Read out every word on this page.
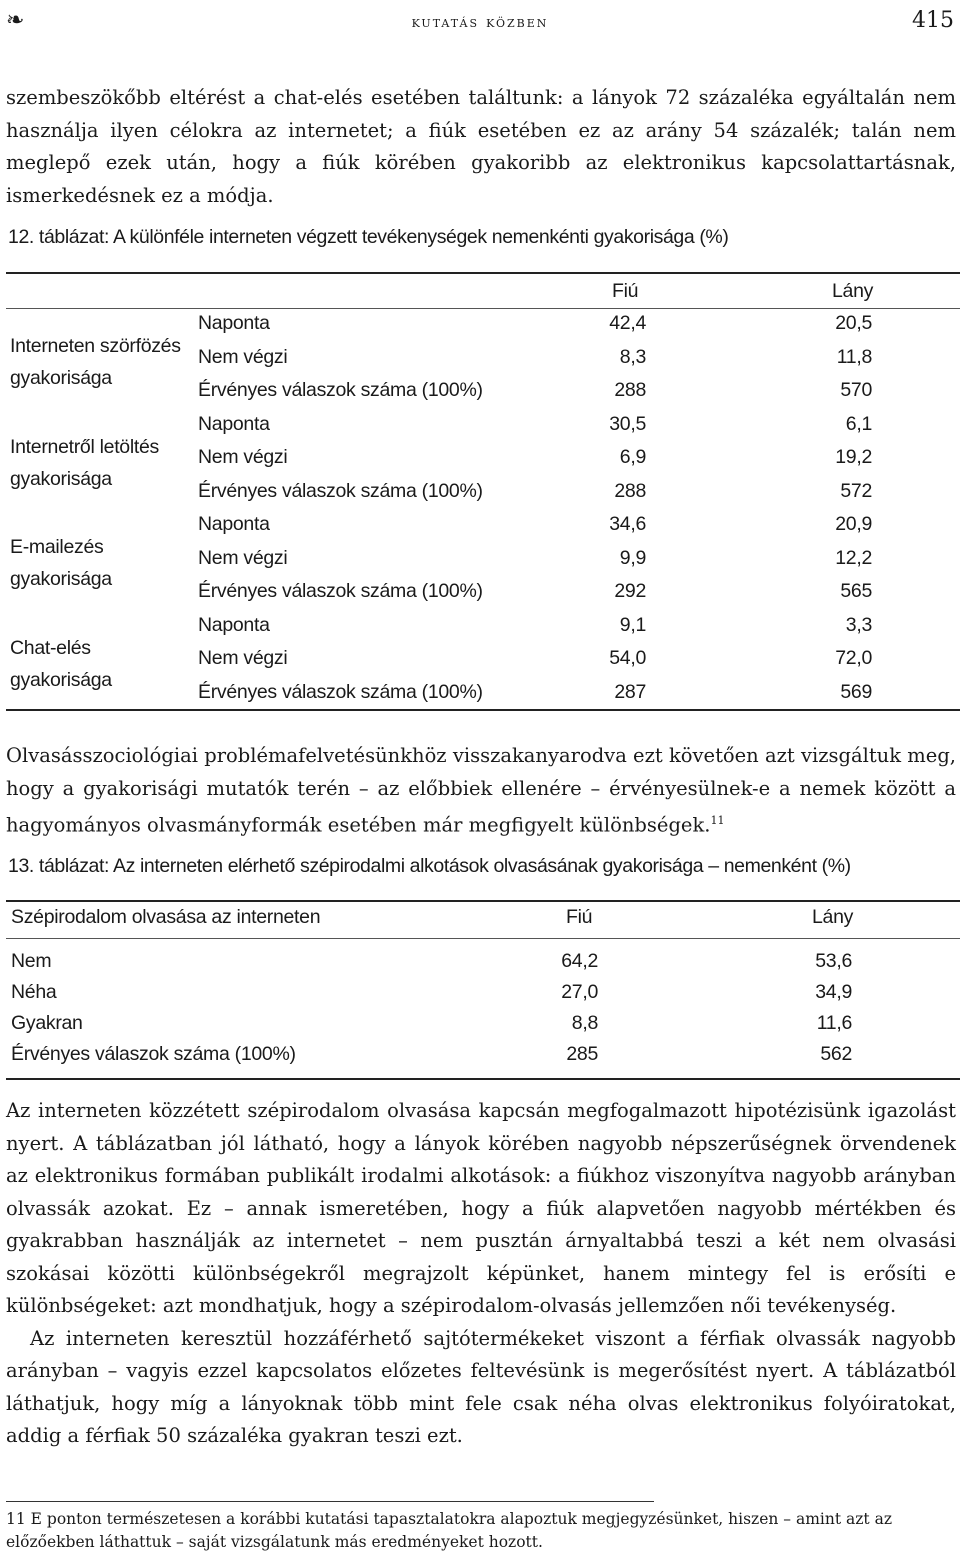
❧	kutatás közben	415

szembeszökőbb eltérést a chat-elés esetében találtunk: a lányok 72 százaléka egyáltalán nem használja ilyen célokra az internetet; a fiúk esetében ez az arány 54 százalék; talán nem meglepő ezek után, hogy a fiúk körében gyakoribb az elektronikus kapcsolattartásnak, ismerkedésnek ez a módja.

12. táblázat: A különféle interneten végzett tevékenységek nemenkénti gyakorisága (%)
Fiú	Lány
Interneten szörfözés gyakorisága
Naponta	42,4	20,5
Nem végzi	8,3	11,8
Érvényes válaszok száma (100%)	288	570
Internetről letöltés gyakorisága
Naponta	30,5	6,1
Nem végzi	6,9	19,2
Érvényes válaszok száma (100%)	288	572
E-mailezés gyakorisága
Naponta	34,6	20,9
Nem végzi	9,9	12,2
Érvényes válaszok száma (100%)	292	565
Chat-elés gyakorisága
Naponta	9,1	3,3
Nem végzi	54,0	72,0
Érvényes válaszok száma (100%)	287	569

Olvasásszociológiai problémafelvetésünkhöz visszakanyarodva ezt követően azt vizsgáltuk meg, hogy a gyakorisági mutatók terén – az előbbiek ellenére – érvényesülnek-e a nemek között a hagyományos olvasmányformák esetében már megfigyelt különbségek.$^{11}$

13. táblázat: Az interneten elérhető szépirodalmi alkotások olvasásának gyakorisága – nemenként (%)
Szépirodalom olvasása az interneten	Fiú	Lány
Nem	64,2	53,6
Néha	27,0	34,9
Gyakran	8,8	11,6
Érvényes válaszok száma (100%)	285	562

Az interneten közzétett szépirodalom olvasása kapcsán megfogalmazott hipotézisünk igazolást nyert. A táblázatban jól látható, hogy a lányok körében nagyobb népszerűségnek örvendenek az elektronikus formában publikált irodalmi alkotások: a fiúkhoz viszonyítva nagyobb arányban olvassák azokat. Ez – annak ismeretében, hogy a fiúk alapvetően nagyobb mértékben és gyakrabban használják az internetet – nem pusztán árnyaltabbá teszi a két nem olvasási szokásai közötti különbségekről megrajzolt képünket, hanem mintegy fel is erősíti e különbségeket: azt mondhatjuk, hogy a szépirodalom-olvasás jellemzően női tevékenység.

Az interneten keresztül hozzáférhető sajtótermékeket viszont a férfiak olvassák nagyobb arányban – vagyis ezzel kapcsolatos előzetes feltevésünk is megerősítést nyert. A táblázatból láthatjuk, hogy míg a lányoknak több mint fele csak néha olvas elektronikus folyóiratokat, addig a férfiak 50 százaléka gyakran teszi ezt.

11 E ponton természetesen a korábbi kutatási tapasztalatokra alapoztuk megjegyzésünket, hiszen – amint azt az előzőekben láthattuk – saját vizsgálatunk más eredményeket hozott.
